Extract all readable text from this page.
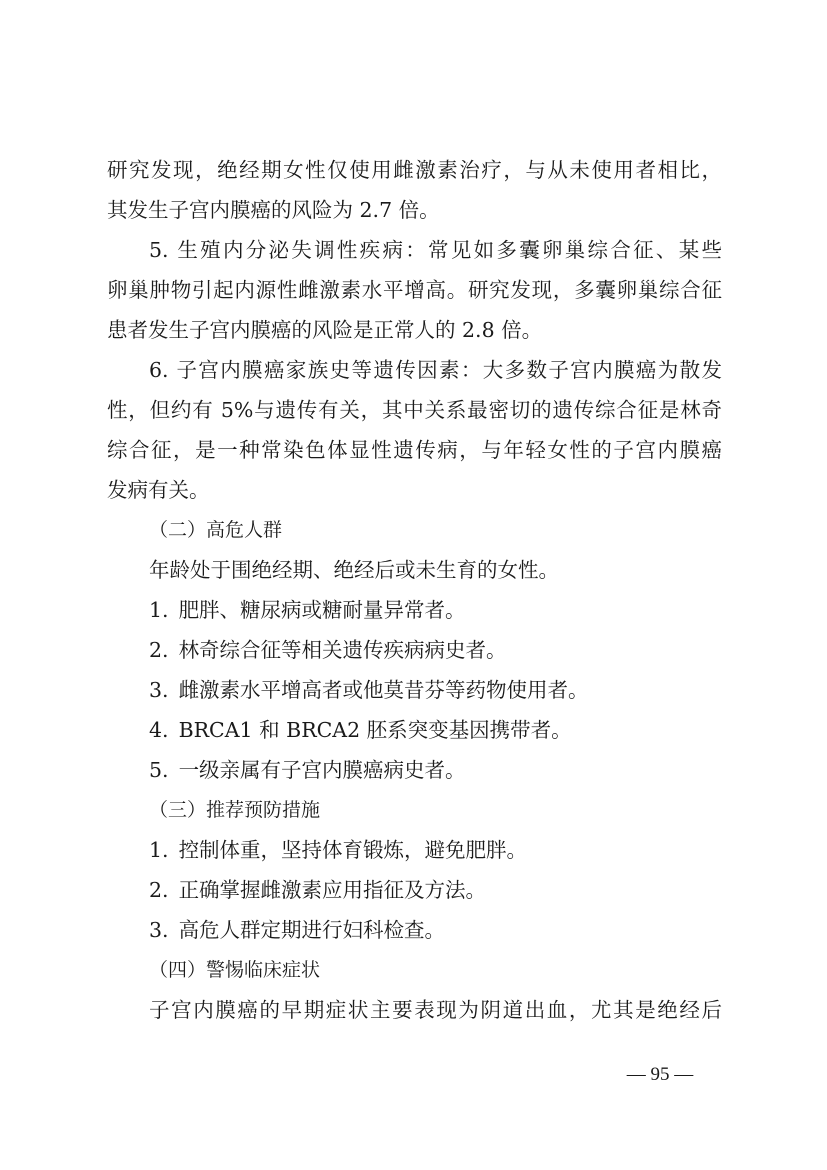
研究发现，绝经期女性仅使用雌激素治疗，与从未使用者相比，
其发生子宫内膜癌的风险为 2.7 倍。
5. 生殖内分泌失调性疾病：常见如多囊卵巢综合征、某些
卵巢肿物引起内源性雌激素水平增高。研究发现，多囊卵巢综合征
患者发生子宫内膜癌的风险是正常人的 2.8 倍。
6. 子宫内膜癌家族史等遗传因素：大多数子宫内膜癌为散发
性，但约有 5%与遗传有关，其中关系最密切的遗传综合征是林奇
综合征，是一种常染色体显性遗传病，与年轻女性的子宫内膜癌
发病有关。
（二）高危人群
年龄处于围绝经期、绝经后或未生育的女性。
1. 肥胖、糖尿病或糖耐量异常者。
2. 林奇综合征等相关遗传疾病病史者。
3. 雌激素水平增高者或他莫昔芬等药物使用者。
4. BRCA1 和 BRCA2 胚系突变基因携带者。
5. 一级亲属有子宫内膜癌病史者。
（三）推荐预防措施
1. 控制体重，坚持体育锻炼，避免肥胖。
2. 正确掌握雌激素应用指征及方法。
3. 高危人群定期进行妇科检查。
（四）警惕临床症状
子宫内膜癌的早期症状主要表现为阴道出血，尤其是绝经后
— 95 —
